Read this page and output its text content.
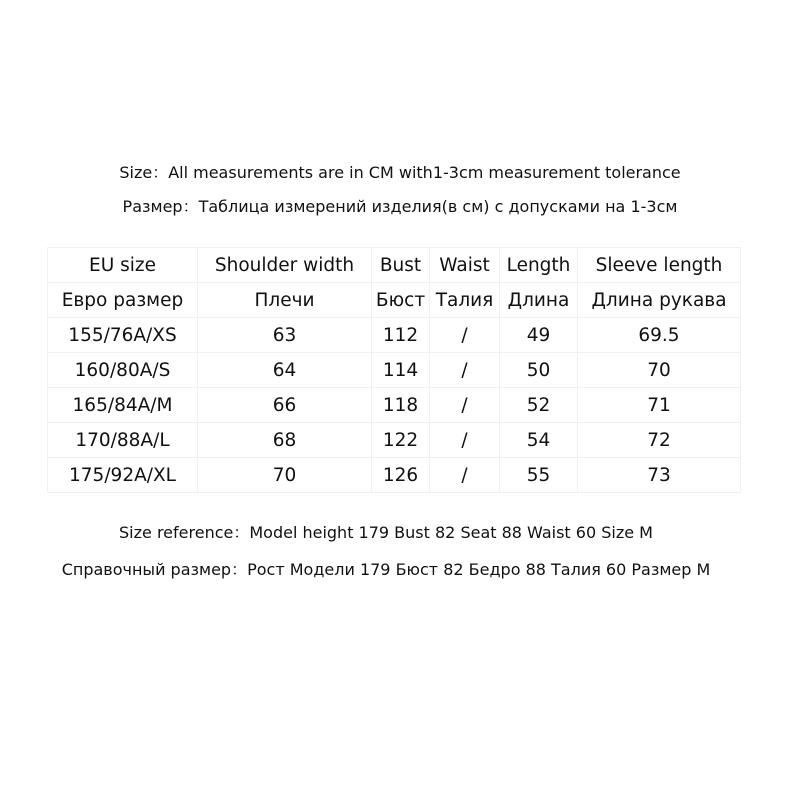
Size：All measurements are in CM with1-3cm measurement tolerance
Размер：Таблица измерений изделия(в см) с допусками на 1-3см
EU size	Shoulder width	Bust	Waist	Length	Sleeve length
Евро размер	Плечи	Бюст	Талия	Длина	Длина рукава
155/76A/XS	63	112	/	49	69.5
160/80A/S	64	114	/	50	70
165/84A/M	66	118	/	52	71
170/88A/L	68	122	/	54	72
175/92A/XL	70	126	/	55	73
Size reference：Model height 179 Bust 82 Seat 88 Waist 60 Size M
Справочный размер：Рост Модели 179 Бюст 82 Бедро 88 Талия 60 Размер M
